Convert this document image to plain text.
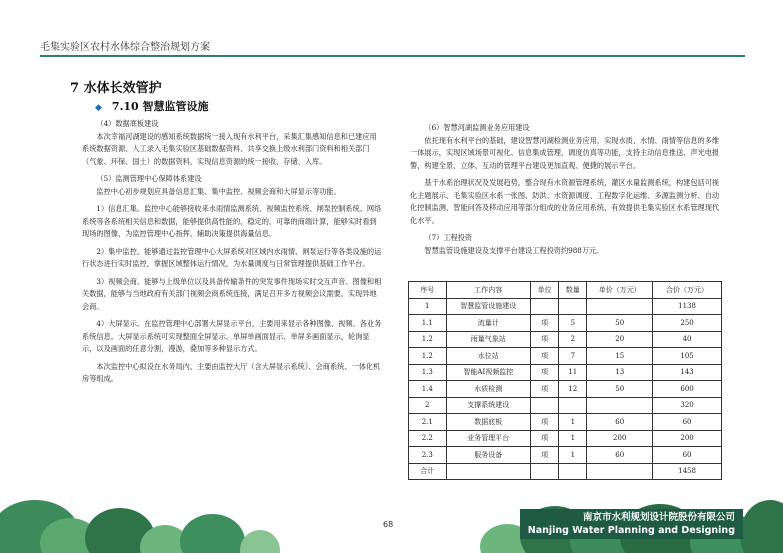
毛集实验区农村水体综合整治规划方案
7 水体长效管护
◆ 7.10 智慧监管设施

（4）数据底板建设

本次幸福河湖建设的感知系统数据统一接入现有水利平台，采集汇集感知信息和已建应用系统数据资源、人工录入毛集实验区基础数据资料、共享交换上级水利部门资料和相关部门（气象、环保、国土）的数据资料，实现信息资源的统一接收、存储、入库。

（5）监测管理中心保障体系建设

监控中心初步规划应具备信息汇集、集中监控、视频会商和大屏显示等功能。

1）信息汇集。监控中心能够接收来水雨情监测系统、视频监控系统、闸泵控制系统、网络系统等各系统相关信息和数据，能够提供高性能的、稳定的、可靠的商端计算，能够实时看到现场的图像，为监控管理中心指挥、辅助决策提供海量信息。

2）集中监控。能够通过监控管理中心大屏系统对区域内水雨情、闸泵运行等各类设施的运行状态进行实时监控，掌握区域整体运行情况，为水量调度与日常管理提供基础工作平台。

3）视频会商。能够与上级单位以及具备传输条件的突发事件现场实时交互声音、图像和相关数据，能够与当地政府有关部门视频会商系统连接，满足召开多方视频会议需要，实现异地会商。

4）大屏显示。在监控管理中心部署大屏显示平台，主要用来显示各种图像、视频、各业务系统信息。大屏显示系统可实现整面全屏显示、单屏单画面显示、单屏多画面显示，轮询显示，以及画面的任意分割，漫游，叠加等多种显示方式。

本次监控中心拟设在水务局内，主要由监控大厅（含大屏显示系统）、会商系统、一体化机房等组成。

（6）智慧河湖监测业务应用建设

依托现有水利平台的基础，建设智慧河湖检测业务应用，实现水质、水情、雨情等信息的多维一体展示，实现区域场景可视化、信息集成管理、调度仿真等功能，支持主动信息推送、声光电报警，构建全景、立体、互动的管理平台建设更加直观、便捷的展示平台。

基于水系治理状况及发展趋势，整合现有水资源管理系统，灌区水量监测系统，构建包括可视化主题展示、毛集实验区水系一张图、防洪、水资源调度、工程数字化运维、多源监测分析、自动化控制监测、智能问答及移动应用等部分组成的业务应用系统，有效提供毛集实验区水系管理现代化水平。

（7）工程投资

智慧监管设施建设及支撑平台建设工程投资约988万元。

序号	工作内容	单位	数量	单价（万元）	合价（万元）
1	智慧监管设施建设				1138
1.1	流量计	项	5	50	250
1.2	雨量气象站	项	2	20	40
1.2	水位站	项	7	15	105
1.3	智能AI视频监控	项	11	13	143
1.4	水质检测	项	12	50	600
2	支撑系统建设				320
2.1	数据底板	项	1	60	60
2.2	业务管理平台	项	1	200	200
2.3	服务设备	项	1	60	60
合计					1458
南京市水利规划设计院股份有限公司
Nanjing Water Planning and Designing
68
